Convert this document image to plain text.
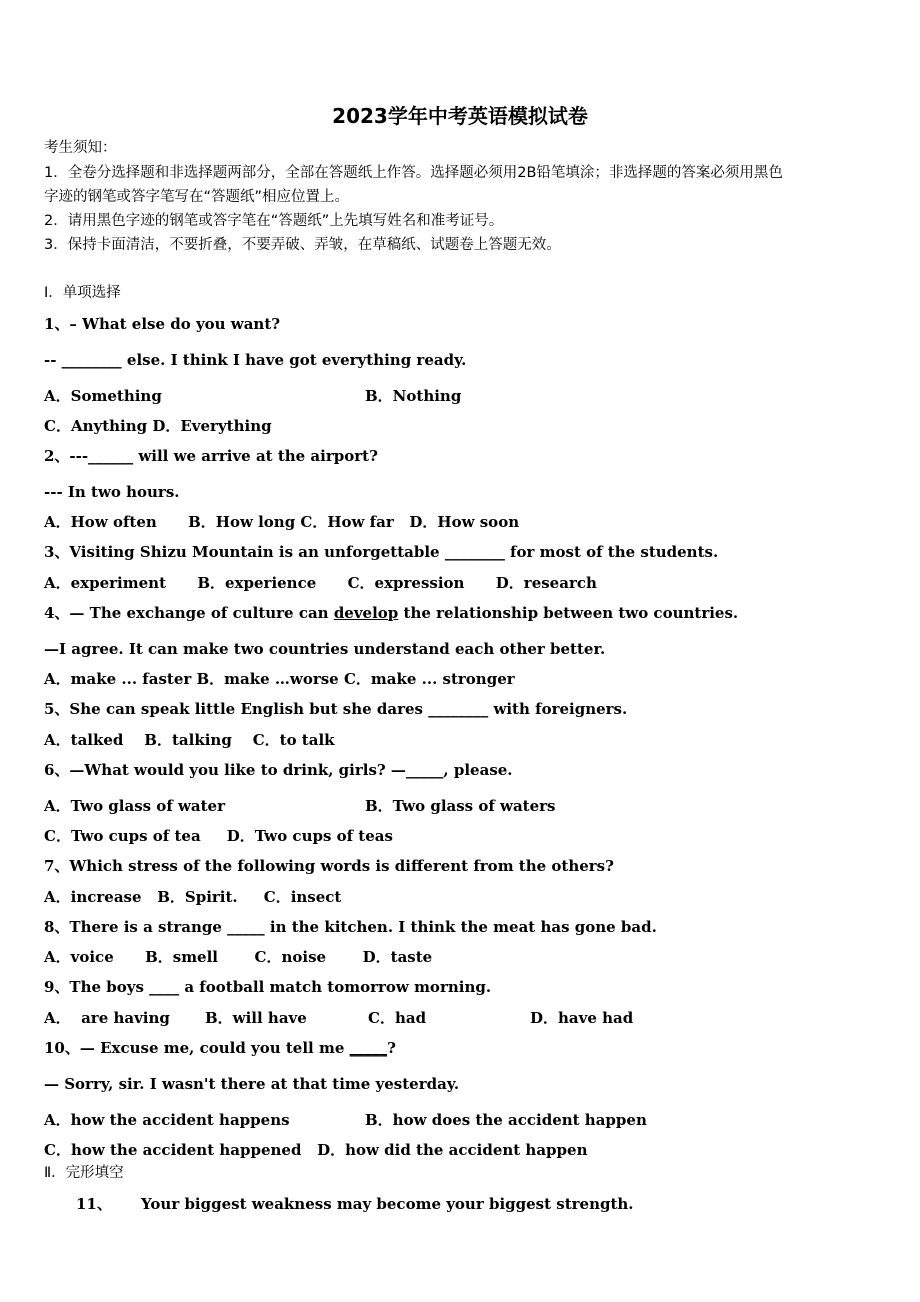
2023学年中考英语模拟试卷
考生须知：
1．全卷分选择题和非选择题两部分，全部在答题纸上作答。选择题必须用2B铅笔填涂；非选择题的答案必须用黑色
字迹的钢笔或答字笔写在“答题纸”相应位置上。
2．请用黑色字迹的钢笔或答字笔在“答题纸”上先填写姓名和准考证号。
3．保持卡面清洁，不要折叠，不要弄破、弄皱，在草稿纸、试题卷上答题无效。
Ⅰ．单项选择
1、– What else do you want?
-- ________ else. I think I have got everything ready.
A．Something	B．Nothing
C．Anything D．Everything
2、---______ will we arrive at the airport?
--- In two hours.
A．How often      B．How long C．How far   D．How soon
3、Visiting Shizu Mountain is an unforgettable ________ for most of the students.
A．experiment      B．experience      C．expression      D．research
4、— The exchange of culture can develop the relationship between two countries.
—I agree. It can make two countries understand each other better.
A．make ... faster B．make …worse C．make ... stronger
5、She can speak little English but she dares ________ with foreigners.
A．talked    B．talking    C．to talk
6、—What would you like to drink, girls? —_____, please.
A．Two glass of water	B．Two glass of waters
C．Two cups of tea     D．Two cups of teas
7、Which stress of the following words is different from the others?
A．increase   B．Spirit.     C．insect
8、There is a strange _____ in the kitchen. I think the meat has gone bad.
A．voice      B．smell       C．noise       D．taste
9、The boys ____ a football match tomorrow morning.
A．  are having B．will have	C．had	D．have had
10、— Excuse me, could you tell me _____?
— Sorry, sir. I wasn't there at that time yesterday.
A．how the accident happens	B．how does the accident happen
C．how the accident happened   D．how did the accident happen
Ⅱ．完形填空
11、 Your biggest weakness may become your biggest strength.
